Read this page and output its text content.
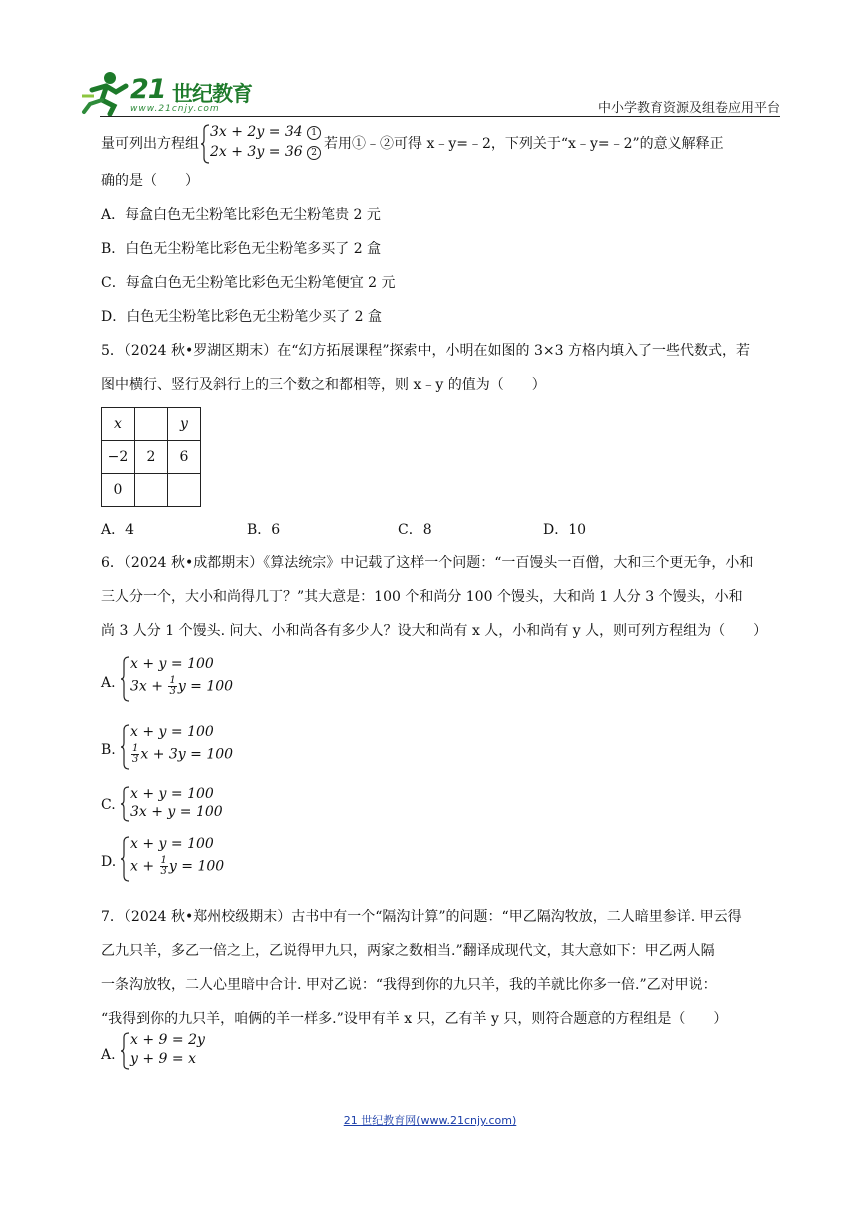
21 世纪教育
www.21cnjy.com	中小学教育资源及组卷应用平台
量可列出方程组
3x + 2y = 34 1
2x + 3y = 36 2
若用①﹣②可得 x﹣y=﹣2，下列关于“x﹣y=﹣2”的意义解释正
确的是（　　）
A．每盒白色无尘粉笔比彩色无尘粉笔贵 2 元
B．白色无尘粉笔比彩色无尘粉笔多买了 2 盒
C．每盒白色无尘粉笔比彩色无尘粉笔便宜 2 元
D．白色无尘粉笔比彩色无尘粉笔少买了 2 盒
5．（2024 秋•罗湖区期末）在“幻方拓展课程”探索中，小明在如图的 3×3 方格内填入了一些代数式，若
图中横行、竖行及斜行上的三个数之和都相等，则 x﹣y 的值为（　　）
x		y

−2	2	6

0		

A．4	B．6	C．8	D．10
6．（2024 秋•成都期末）《算法统宗》中记载了这样一个问题：“一百馒头一百僧，大和三个更无争，小和
三人分一个，大小和尚得几丁？”其大意是：100 个和尚分 100 个馒头，大和尚 1 人分 3 个馒头，小和
尚 3 人分 1 个馒头. 问大、小和尚各有多少人？设大和尚有 x 人，小和尚有 y 人，则可列方程组为（　　）
A.
x + y = 100
$3x + \frac{1}{3}$ y = 100
B.
x + y = 100
$\frac{1}{3}$ x + 3y = 100
C.
x + y = 100
3x + y = 100
D.
x + y = 100
$x + \frac{1}{3}$ y = 100
7．（2024 秋•郑州校级期末）古书中有一个“隔沟计算”的问题：“甲乙隔沟牧放，二人暗里参详. 甲云得
乙九只羊，多乙一倍之上，乙说得甲九只，两家之数相当.”翻译成现代文，其大意如下：甲乙两人隔
一条沟放牧，二人心里暗中合计. 甲对乙说：“我得到你的九只羊，我的羊就比你多一倍.”乙对甲说：
“我得到你的九只羊，咱俩的羊一样多.”设甲有羊 x 只，乙有羊 y 只，则符合题意的方程组是（　　）
A.
x + 9 = 2y
y + 9 = x
21 世纪教育网(www.21cnjy.com)
